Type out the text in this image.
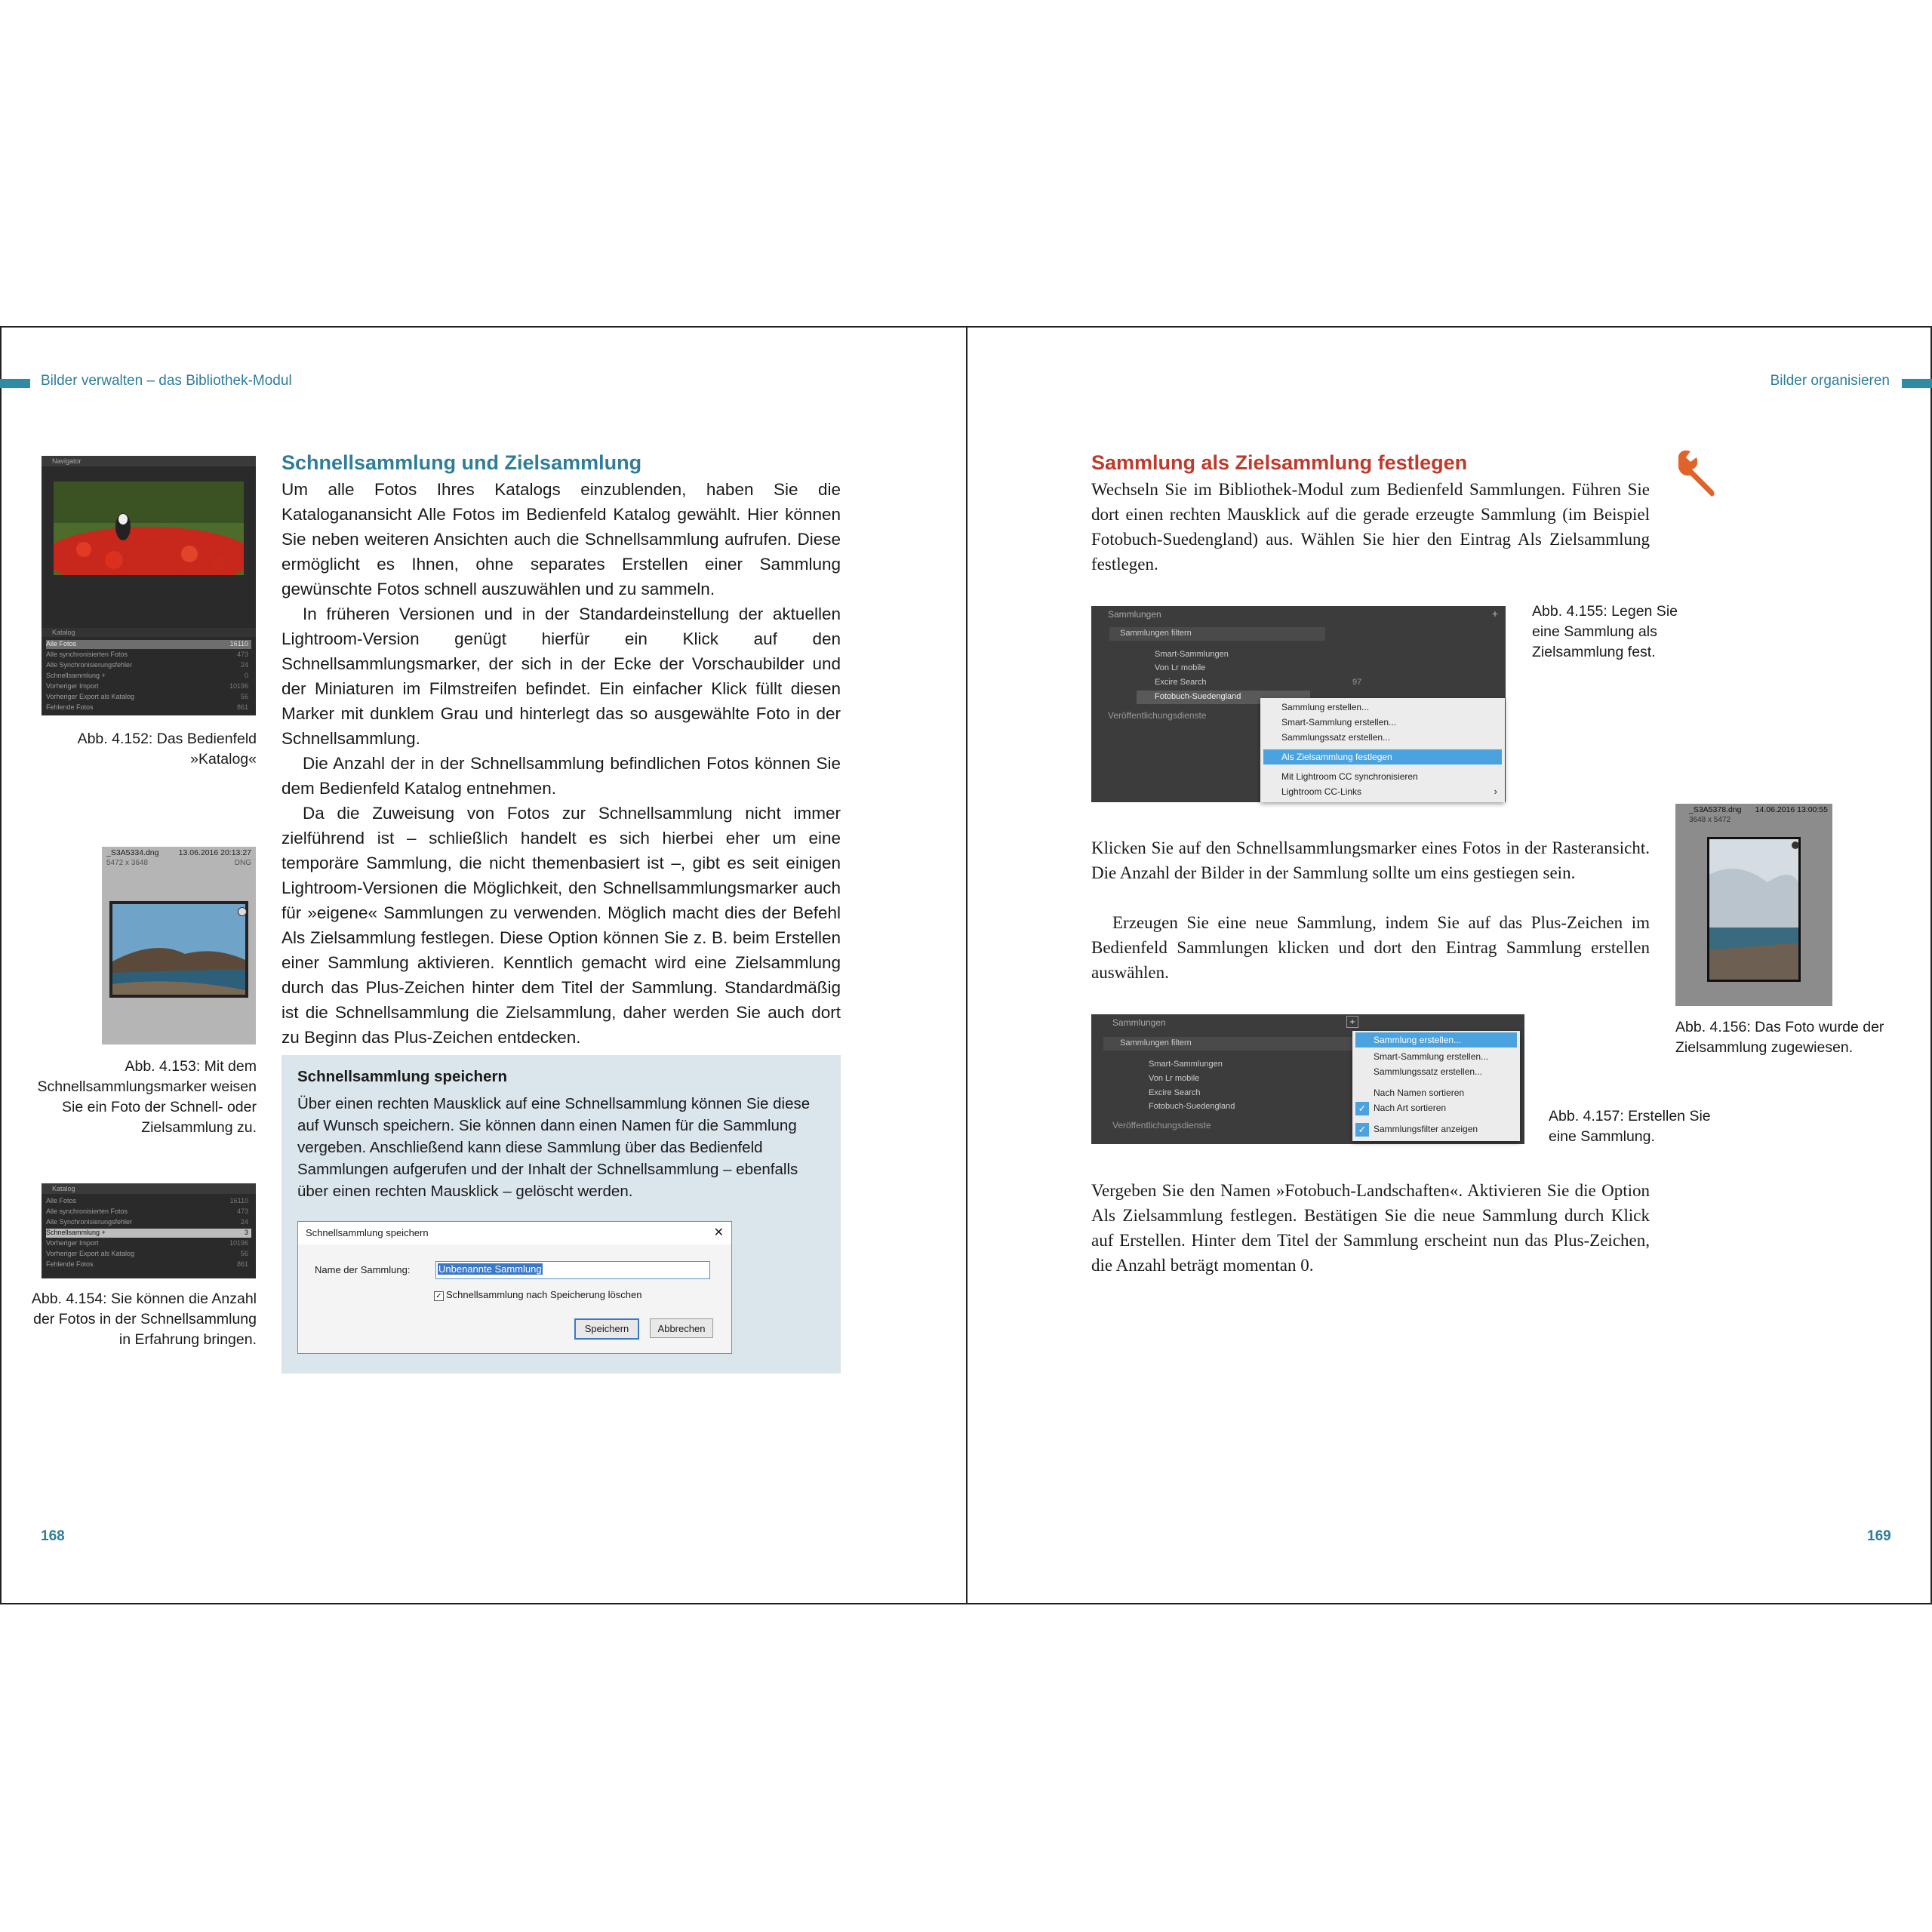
Bilder verwalten – das Bibliothek-Modul
Navigator
Katalog
Alle Fotos	16110
Alle synchronisierten Fotos	473
Alle Synchronisierungsfehler	24
Schnellsammlung +	0
Vorheriger Import	10196
Vorheriger Export als Katalog	56
Fehlende Fotos	861
Abb. 4.152: Das Bedienfeld »Katalog«
_S3A5334.dng 13.06.2016 20:13:27
5472 x 3648	DNG
Abb. 4.153: Mit dem Schnellsammlungsmarker weisen Sie ein Foto der Schnell- oder Zielsammlung zu.
Katalog
Alle Fotos	16110
Alle synchronisierten Fotos	473
Alle Synchronisierungsfehler	24
Schnellsammlung +	3
Vorheriger Import	10196
Vorheriger Export als Katalog	56
Fehlende Fotos	861
Abb. 4.154: Sie können die Anzahl der Fotos in der Schnellsammlung in Erfahrung bringen.
Schnellsammlung und Zielsammlung

Um alle Fotos Ihres Katalogs einzublenden, haben Sie die Kataloganansicht Alle Fotos im Bedienfeld Katalog gewählt. Hier können Sie neben weiteren Ansichten auch die Schnellsammlung aufrufen. Diese ermöglicht es Ihnen, ohne separates Erstellen einer Sammlung gewünschte Fotos schnell auszuwählen und zu sammeln.

In früheren Versionen und in der Standardeinstellung der aktuellen Lightroom-Version genügt hierfür ein Klick auf den Schnellsammlungsmarker, der sich in der Ecke der Vorschaubilder und der Miniaturen im Filmstreifen befindet. Ein einfacher Klick füllt diesen Marker mit dunklem Grau und hinterlegt das so ausgewählte Foto in der Schnellsammlung.

Die Anzahl der in der Schnellsammlung befindlichen Fotos können Sie dem Bedienfeld Katalog entnehmen.

Da die Zuweisung von Fotos zur Schnellsammlung nicht immer zielführend ist – schließlich handelt es sich hierbei eher um eine temporäre Sammlung, die nicht themenbasiert ist –, gibt es seit einigen Lightroom-Versionen die Möglichkeit, den Schnellsammlungsmarker auch für »eigene« Sammlungen zu verwenden. Möglich macht dies der Befehl Als Zielsammlung festlegen. Diese Option können Sie z. B. beim Erstellen einer Sammlung aktivieren. Kenntlich gemacht wird eine Zielsammlung durch das Plus-Zeichen hinter dem Titel der Sammlung. Standardmäßig ist die Schnellsammlung die Zielsammlung, daher werden Sie auch dort zu Beginn das Plus-Zeichen entdecken.

Schnellsammlung speichern
Über einen rechten Mausklick auf eine Schnellsammlung können Sie diese auf Wunsch speichern. Sie können dann einen Namen für die Sammlung vergeben. Anschließend kann diese Sammlung über das Bedienfeld Sammlungen aufgerufen und der Inhalt der Schnellsammlung – ebenfalls über einen rechten Mausklick – gelöscht werden.
Schnellsammlung speichern	✕
Name der Sammlung:	Unbenannte Sammlung
✓ Schnellsammlung nach Speicherung löschen
Speichern	Abbrechen
168
Bilder organisieren
Sammlung als Zielsammlung festlegen
Wechseln Sie im Bibliothek-Modul zum Bedienfeld Sammlungen. Führen Sie dort einen rechten Mausklick auf die gerade erzeugte Sammlung (im Beispiel Fotobuch-Suedengland) aus. Wählen Sie hier den Eintrag Als Zielsammlung festlegen.
Sammlungen	+
Sammlungen filtern
Smart-Sammlungen
Von Lr mobile
Excire Search	97
Fotobuch-Suedengland
Veröffentlichungsdienste
Sammlung erstellen...
Smart-Sammlung erstellen...
Sammlungssatz erstellen...
Als Zielsammlung festlegen
Mit Lightroom CC synchronisieren
Lightroom CC-Links	›
Abb. 4.155: Legen Sie eine Sammlung als Zielsammlung fest.
_S3A5378.dng 14.06.2016 13:00:55
3648 x 5472
Abb. 4.156: Das Foto wurde der Zielsammlung zugewiesen.
Klicken Sie auf den Schnellsammlungsmarker eines Fotos in der Rasteransicht. Die Anzahl der Bilder in der Sammlung sollte um eins gestiegen sein.
Erzeugen Sie eine neue Sammlung, indem Sie auf das Plus-Zeichen im Bedienfeld Sammlungen klicken und dort den Eintrag Sammlung erstellen auswählen.
Sammlungen	+
Sammlungen filtern
Smart-Sammlungen
Von Lr mobile
Excire Search
Fotobuch-Suedengland
Veröffentlichungsdienste
Sammlung erstellen...
Smart-Sammlung erstellen...
Sammlungssatz erstellen...
Nach Namen sortieren
✓ Nach Art sortieren
✓ Sammlungsfilter anzeigen
Abb. 4.157: Erstellen Sie eine Sammlung.
Vergeben Sie den Namen »Fotobuch-Landschaften«. Aktivieren Sie die Option Als Zielsammlung festlegen. Bestätigen Sie die neue Sammlung durch Klick auf Erstellen. Hinter dem Titel der Sammlung erscheint nun das Plus-Zeichen, die Anzahl beträgt momentan 0.
169
